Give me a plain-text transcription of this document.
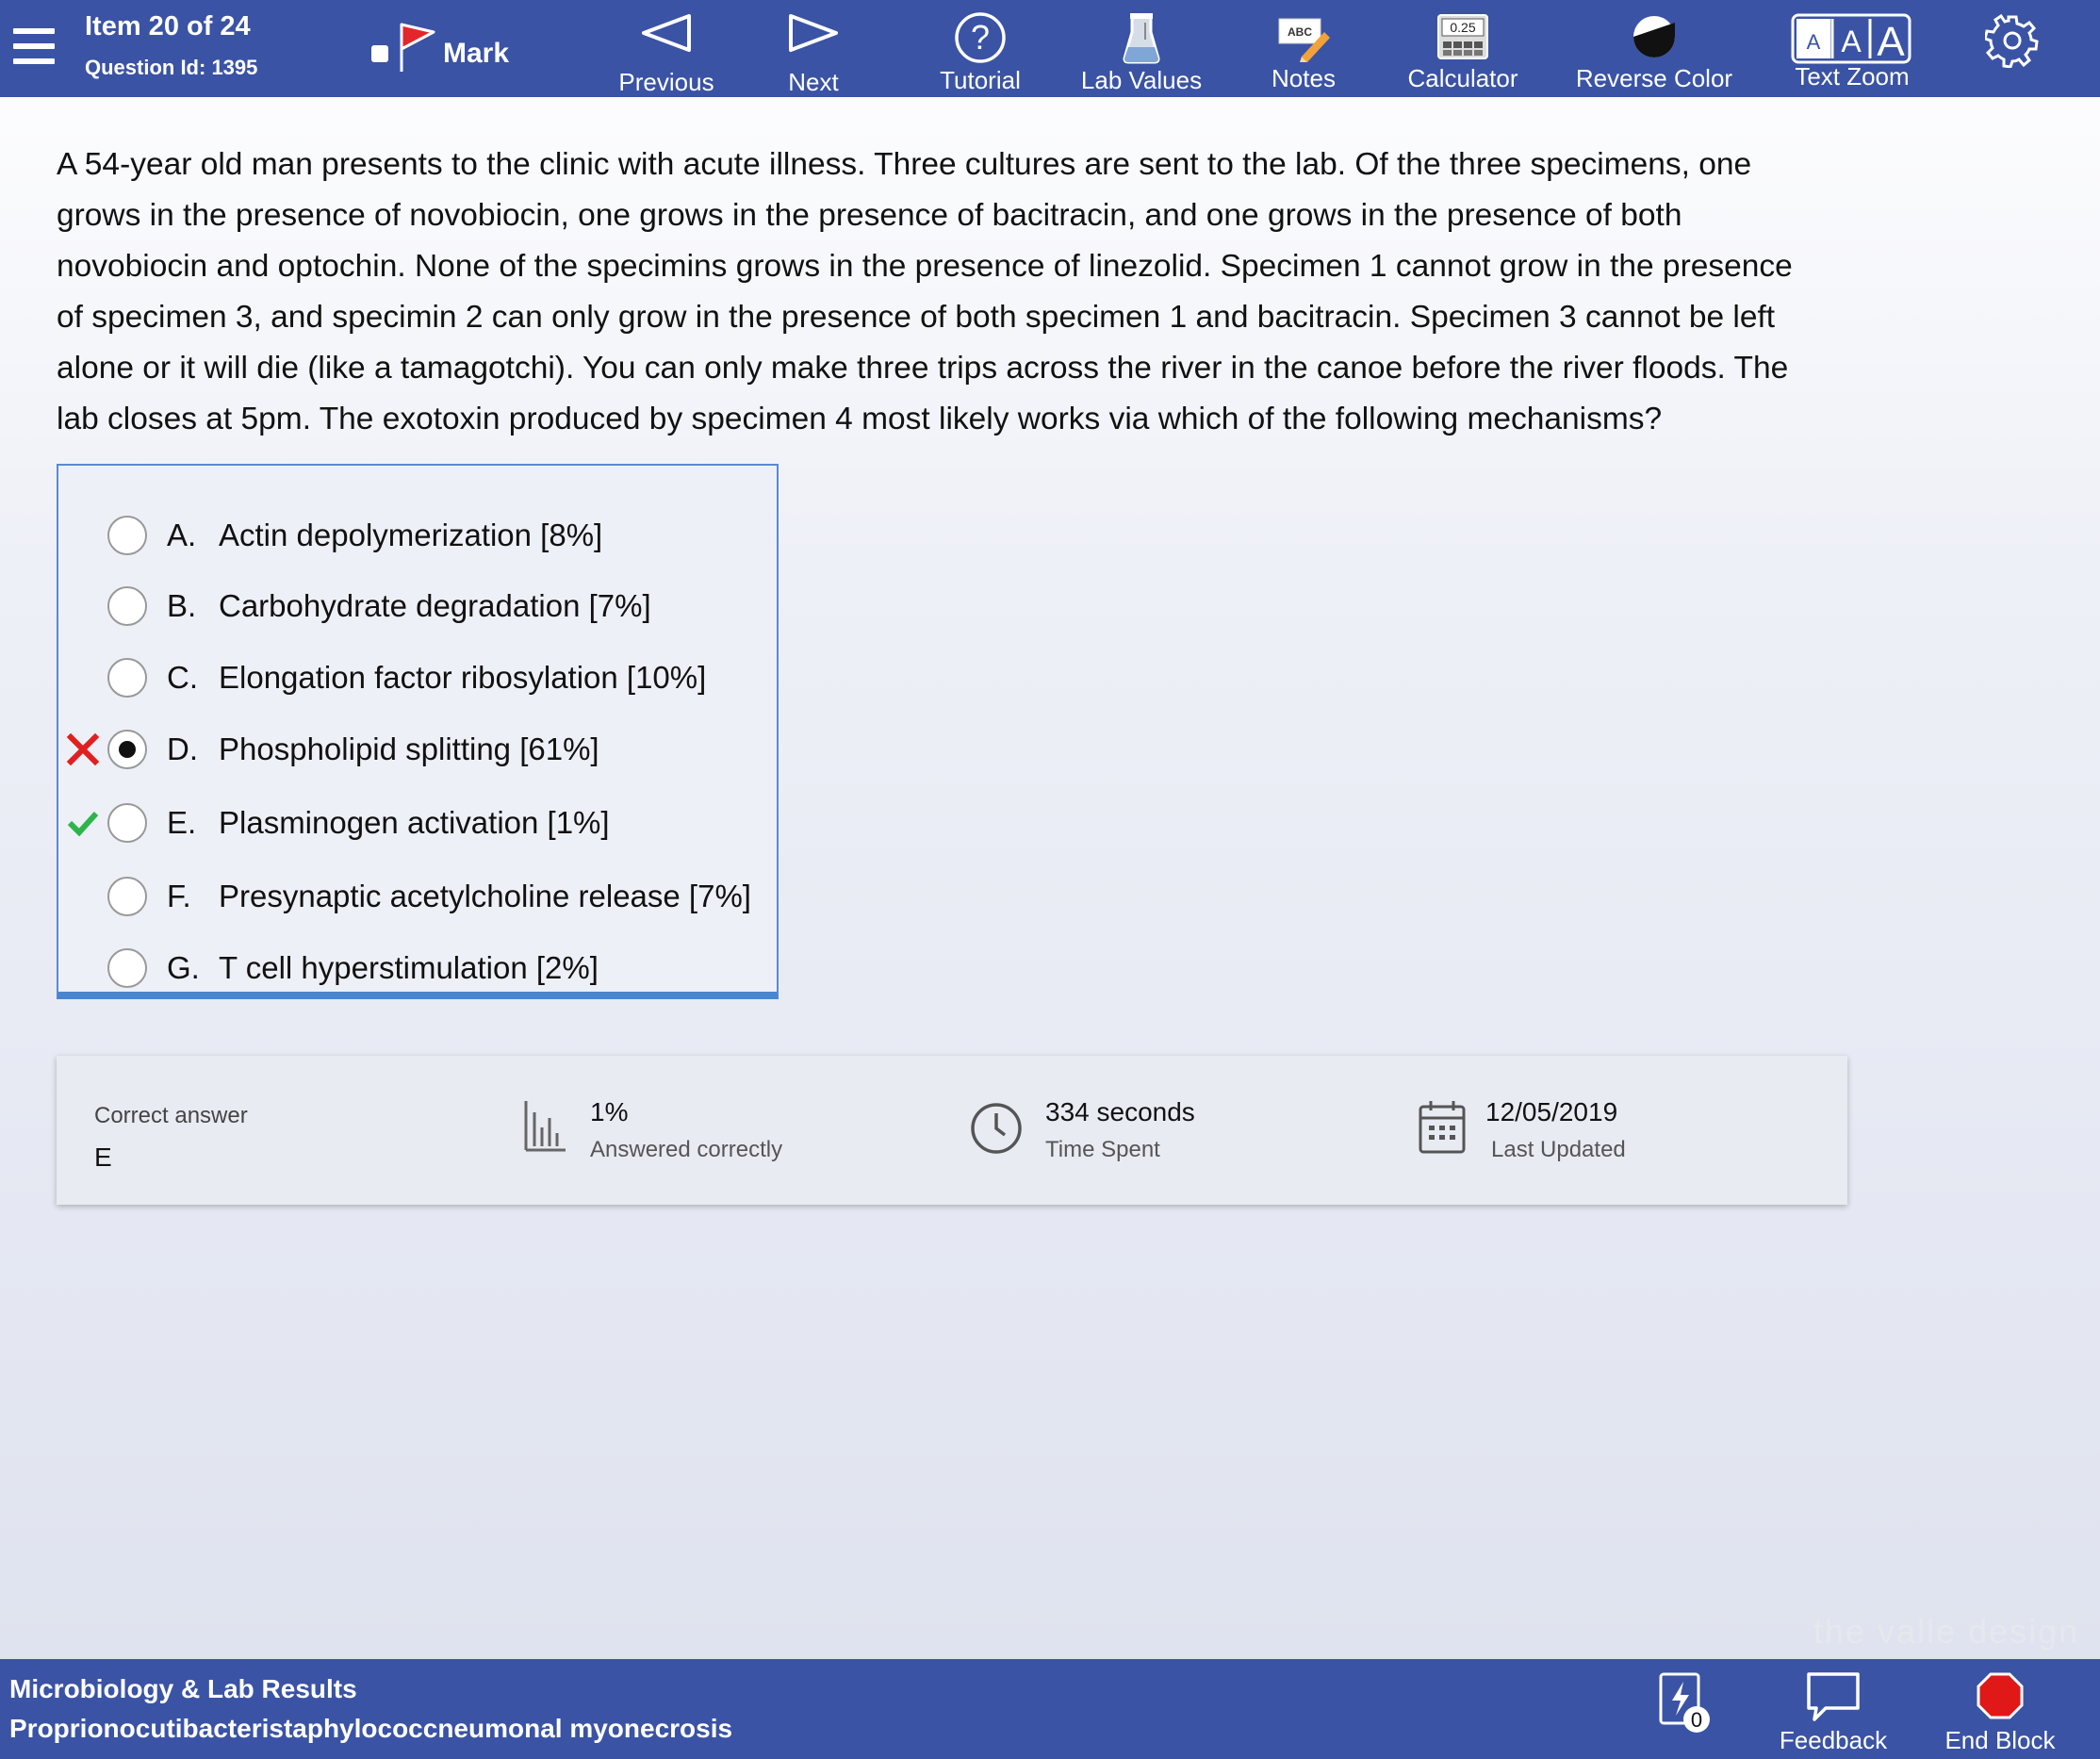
Item 20 of 24
Question Id: 1395	Mark
Previous	Next
?
Tutorial	Lab Values
ABC
Notes
0.25
Calculator Reverse Color
A A A
Text Zoom
A 54-year old man presents to the clinic with acute illness. Three cultures are sent to the lab. Of the three specimens, one
grows in the presence of novobiocin, one grows in the presence of bacitracin, and one grows in the presence of both
novobiocin and optochin. None of the specimins grows in the presence of linezolid. Specimen 1 cannot grow in the presence
of specimen 3, and specimin 2 can only grow in the presence of both specimen 1 and bacitracin. Specimen 3 cannot be left
alone or it will die (like a tamagotchi). You can only make three trips across the river in the canoe before the river floods. The
lab closes at 5pm. The exotoxin produced by specimen 4 most likely works via which of the following mechanisms?
A. Actin depolymerization [8%]
B. Carbohydrate degradation [7%]
C. Elongation factor ribosylation [10%]
D. Phospholipid splitting [61%]
E. Plasminogen activation [1%]
F. Presynaptic acetylcholine release [7%]
G. T cell hyperstimulation [2%]
Correct answer
E
1%
Answered correctly
334 seconds
Time Spent
12/05/2019
Last Updated
the valle design
Microbiology & Lab Results
Proprionocutibacteristaphylococcneumonal myonecrosis	0
Feedback	End Block
